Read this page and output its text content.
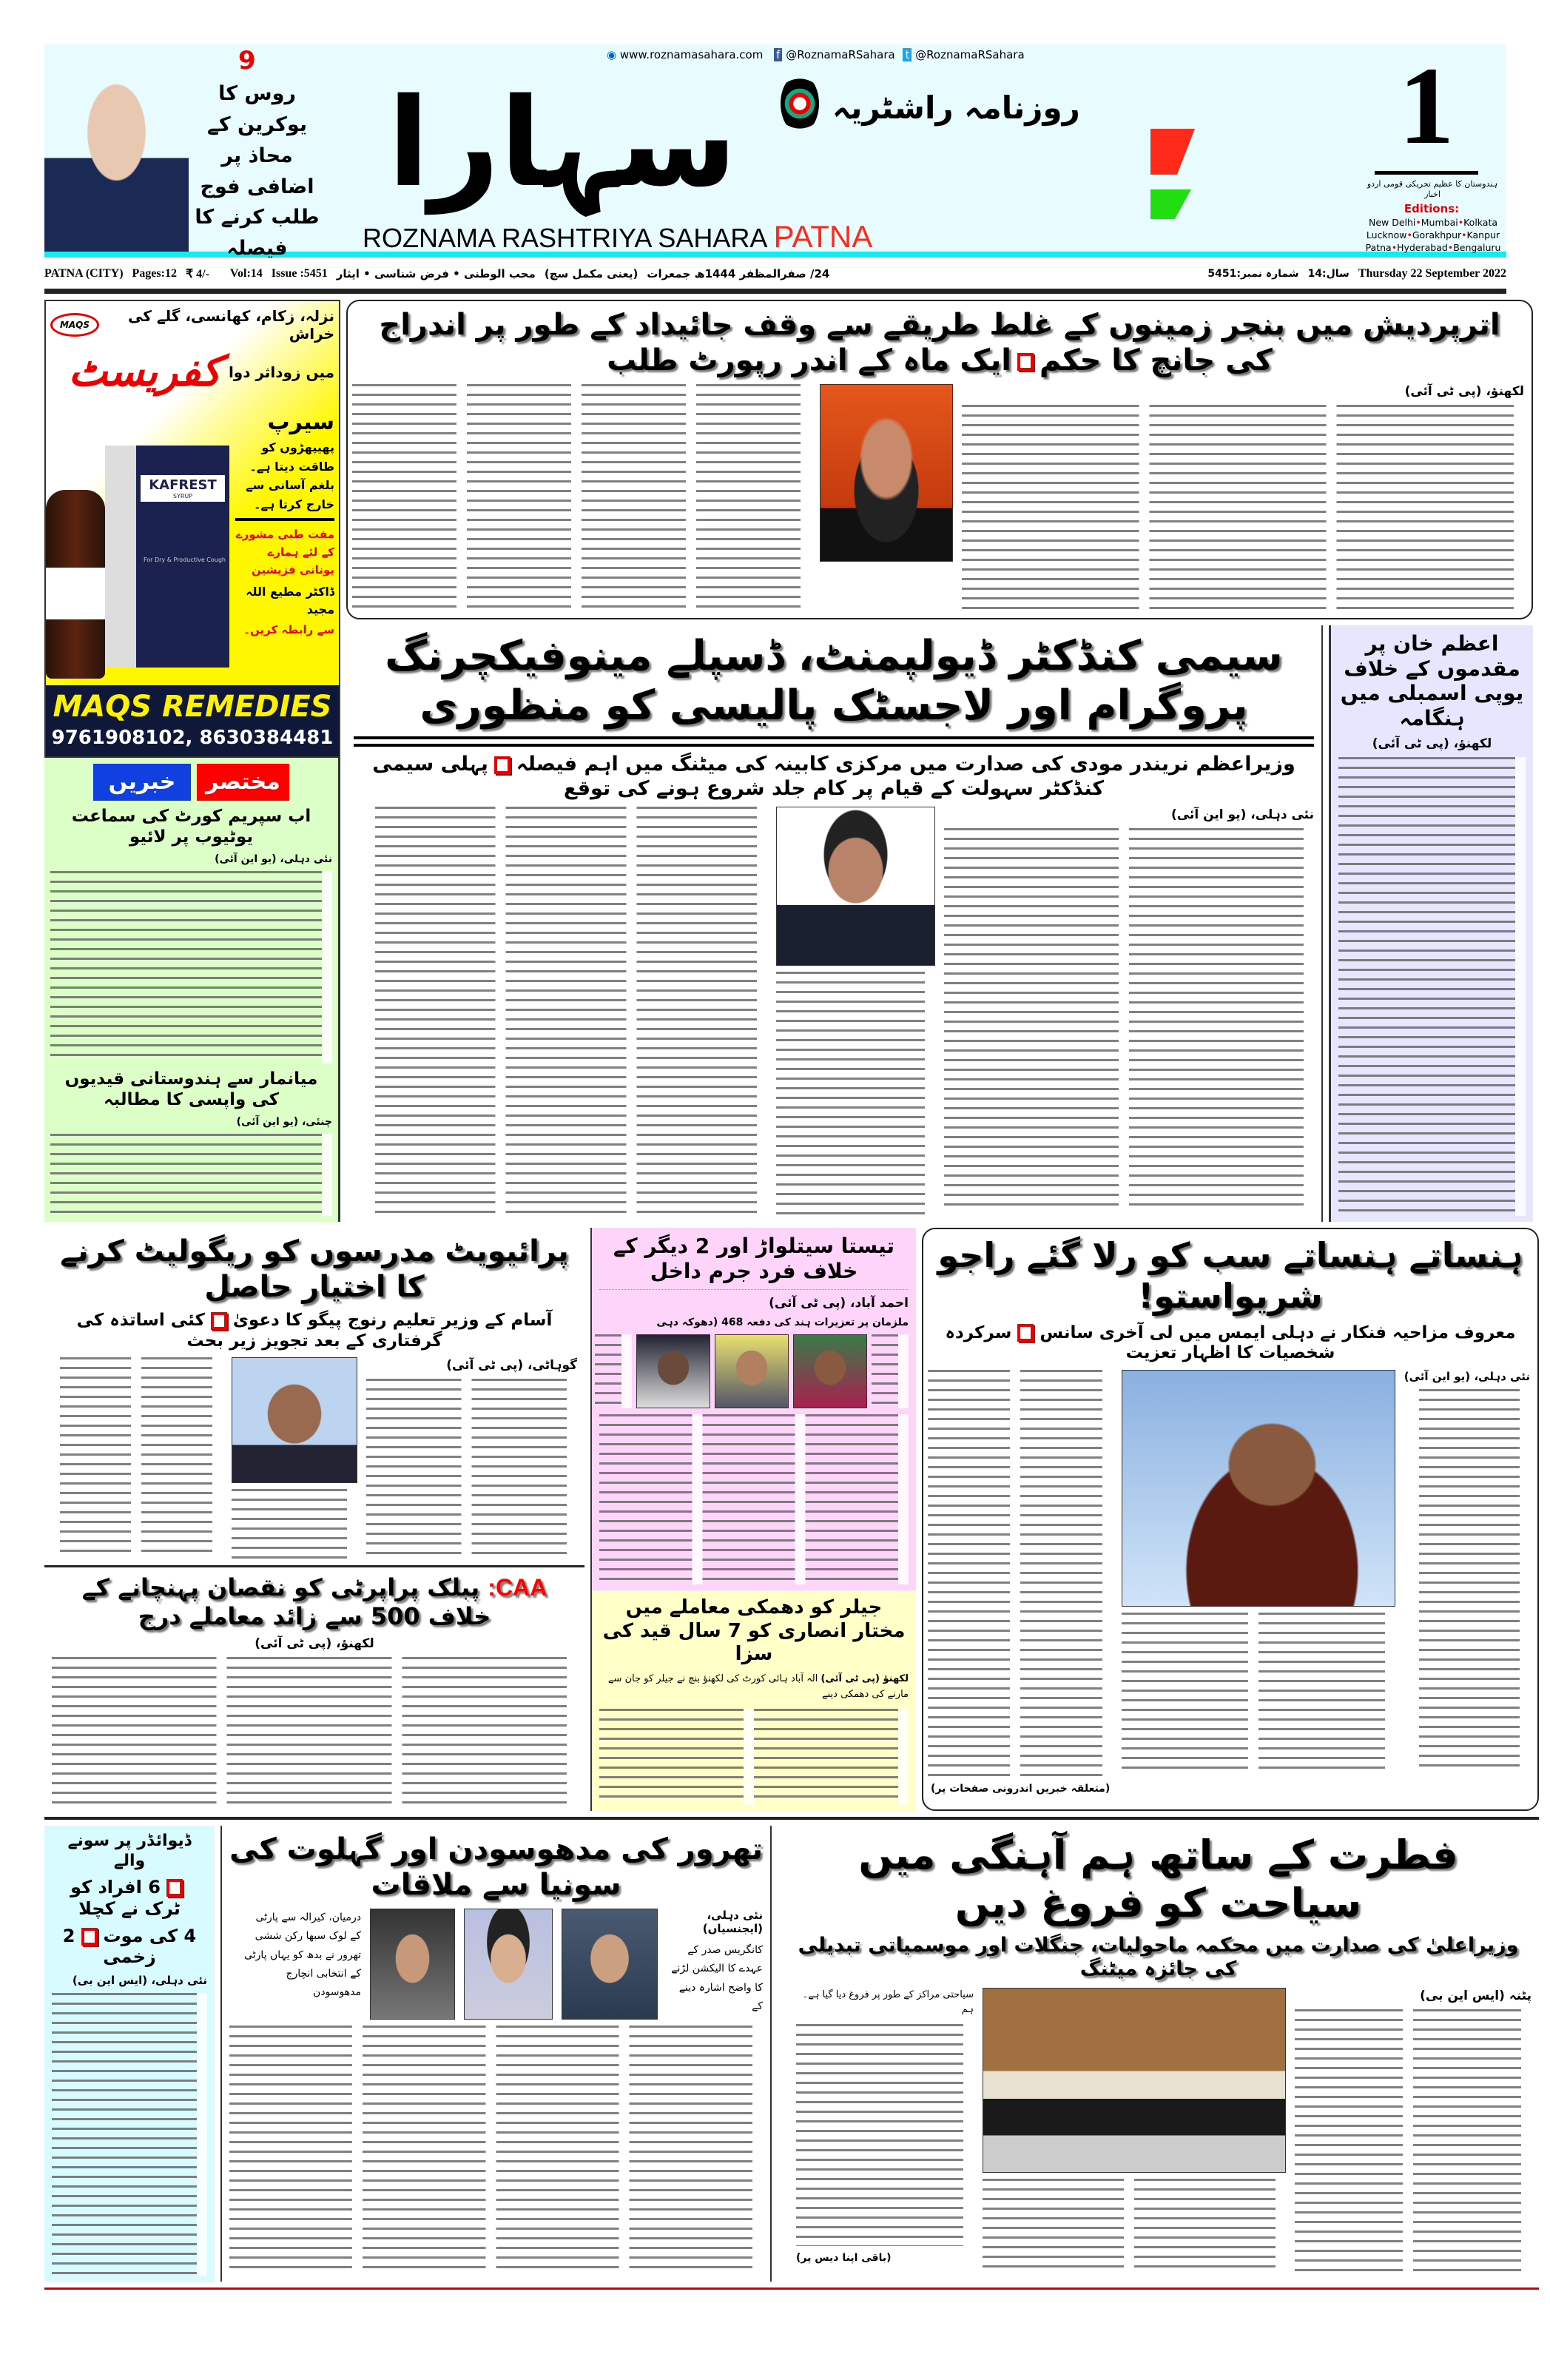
9
روس کا یوکرین کے محاذ پر اضافی فوج طلب کرنے کا فیصلہ
◉ www.roznamasahara.com f @RoznamaRSahara t @RoznamaRSahara
سہارا	روزنامہ راشٹریہ
ROZNAMA RASHTRIYA SAHARA PATNA
1
ہندوستان کا عظیم تحریکی قومی اردو اخبار
Editions:
New Delhi•Mumbai•Kolkata
Lucknow•Gorakhpur•Kanpur
Patna•Hyderabad•Bengaluru
PATNA (CITY) Pages:12 ₹ 4/- Vol:14 Issue :5451 محب الوطنی • فرض شناسی • ایثار (یعنی مکمل سچ) 24/ صفرالمظفر 1444ھ جمعرات	شمارہ نمبر:5451 سال:14 Thursday 22 September 2022
نزلہ، زکام، کھانسی، گلے کی خراش
MAQS
میں زوداثر دوا
کفریسٹ
سیرپ
پھیپھڑوں کو طاقت دیتا ہے۔ بلغم آسانی سے خارج کرتا ہے۔
مفت طبی مشورے کے لئے ہمارے یونانی فزیشین
ڈاکٹر مطیع اللہ مجید
سے رابطہ کریں۔
KAFREST
SYRUP
For Dry & Productive Cough
MAQS REMEDIES
9761908102, 8630384481
مختصر
خبریں
اب سپریم کورٹ کی سماعت یوٹیوب پر لائیو
نئی دہلی، (یو این آئی)
میانمار سے ہندوستانی قیدیوں کی واپسی کا مطالبہ
چنئی، (یو این آئی)
اترپردیش میں بنجر زمینوں کے غلط طریقے سے وقف جائیداد کے طور پر اندراج کی جانچ کا حکمایک ماہ کے اندر رپورٹ طلب
لکھنؤ، (پی ٹی آئی)
سیمی کنڈکٹر ڈیولپمنٹ، ڈسپلے مینوفیکچرنگ پروگرام اور لاجسٹک پالیسی کو منظوری
وزیراعظم نریندر مودی کی صدارت میں مرکزی کابینہ کی میٹنگ میں اہم فیصلہپہلی سیمی کنڈکٹر سہولت کے قیام پر کام جلد شروع ہونے کی توقع
نئی دہلی، (یو این آئی)
اعظم خان پر مقدموں کے خلاف یوپی اسمبلی میں ہنگامہ
لکھنؤ، (پی ٹی آئی)
پرائیویٹ مدرسوں کو ریگولیٹ کرنے کا اختیار حاصل
آسام کے وزیر تعلیم رنوج پیگو کا دعویٰکئی اساتذہ کی گرفتاری کے بعد تجویز زیر بحث
گوہاٹی، (پی ٹی آئی)
CAA: پبلک پراپرٹی کو نقصان پہنچانے کے خلاف 500 سے زائد معاملے درج
لکھنؤ، (پی ٹی آئی)
تیستا سیتلواڑ اور 2 دیگر کے خلاف فرد جرم داخل
احمد آباد، (پی ٹی آئی)
ملزمان پر تعزیرات ہند کی دفعہ 468 (دھوکہ دہی
جیلر کو دھمکی معاملے میں مختار انصاری کو 7 سال قید کی سزا
لکھنؤ (پی ٹی آئی) الہ آباد ہائی کورٹ کی لکھنؤ بنچ نے جیلر کو جان سے مارنے کی دھمکی دینے
ہنساتے ہنساتے سب کو رلا گئے راجو شریواستو!
معروف مزاحیہ فنکار نے دہلی ایمس میں لی آخری سانسسرکردہ شخصیات کا اظہار تعزیت
نئی دہلی، (یو این آئی)
(متعلقہ خبریں اندرونی صفحات پر)
ڈیوائڈر پر سونے والے
6 افراد کو ٹرک نے کچلا
4 کی موت2 زخمی
نئی دہلی، (ایس این بی)
تھرور کی مدھوسودن اور گہلوت کی سونیا سے ملاقات
نئی دہلی، (ایجنسیاں)
کانگریس صدر کے عہدے کا الیکشن لڑنے کا واضح اشارہ دینے کے
درمیان، کیرالہ سے پارٹی کے لوک سبھا رکن ششی تھرور نے بدھ کو یہاں پارٹی کے انتخابی انچارج مدھوسودن
فطرت کے ساتھ ہم آہنگی میں سیاحت کو فروغ دیں
وزیراعلیٰ کی صدارت میں محکمہ ماحولیات، جنگلات اور موسمیاتی تبدیلی کی جائزہ میٹنگ
پٹنہ (ایس این بی)
سیاحتی مراکز کے طور پر فروغ دیا گیا ہے۔ ہم
(باقی اپنا دیس پر)
